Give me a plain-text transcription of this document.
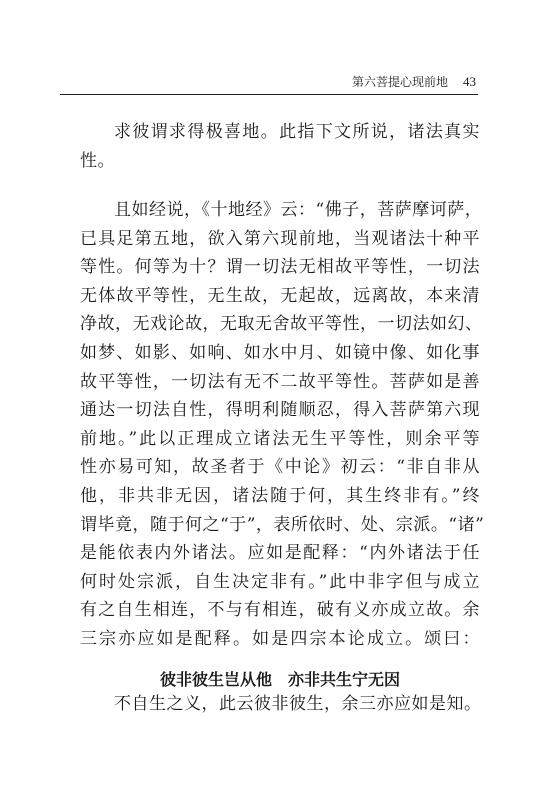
第六菩提心现前地 43
求彼谓求得极喜地。此指下文所说，诸法真实
性。
且如经说，《十地经》云：“佛子，菩萨摩诃萨，
已具足第五地，欲入第六现前地，当观诸法十种平
等性。何等为十？谓一切法无相故平等性，一切法
无体故平等性，无生故，无起故，远离故，本来清
净故，无戏论故，无取无舍故平等性，一切法如幻、
如梦、如影、如响、如水中月、如镜中像、如化事
故平等性，一切法有无不二故平等性。菩萨如是善
通达一切法自性，得明利随顺忍，得入菩萨第六现
前地。”此以正理成立诸法无生平等性，则余平等
性亦易可知，故圣者于《中论》初云：“非自非从
他，非共非无因，诸法随于何，其生终非有。”终
谓毕竟，随于何之“于”，表所依时、处、宗派。“诸”
是能依表内外诸法。应如是配释：“内外诸法于任
何时处宗派，自生决定非有。”此中非字但与成立
有之自生相连，不与有相连，破有义亦成立故。余
三宗亦应如是配释。如是四宗本论成立。颂曰：
彼非彼生岂从他　亦非共生宁无因
不自生之义，此云彼非彼生，余三亦应如是知。
